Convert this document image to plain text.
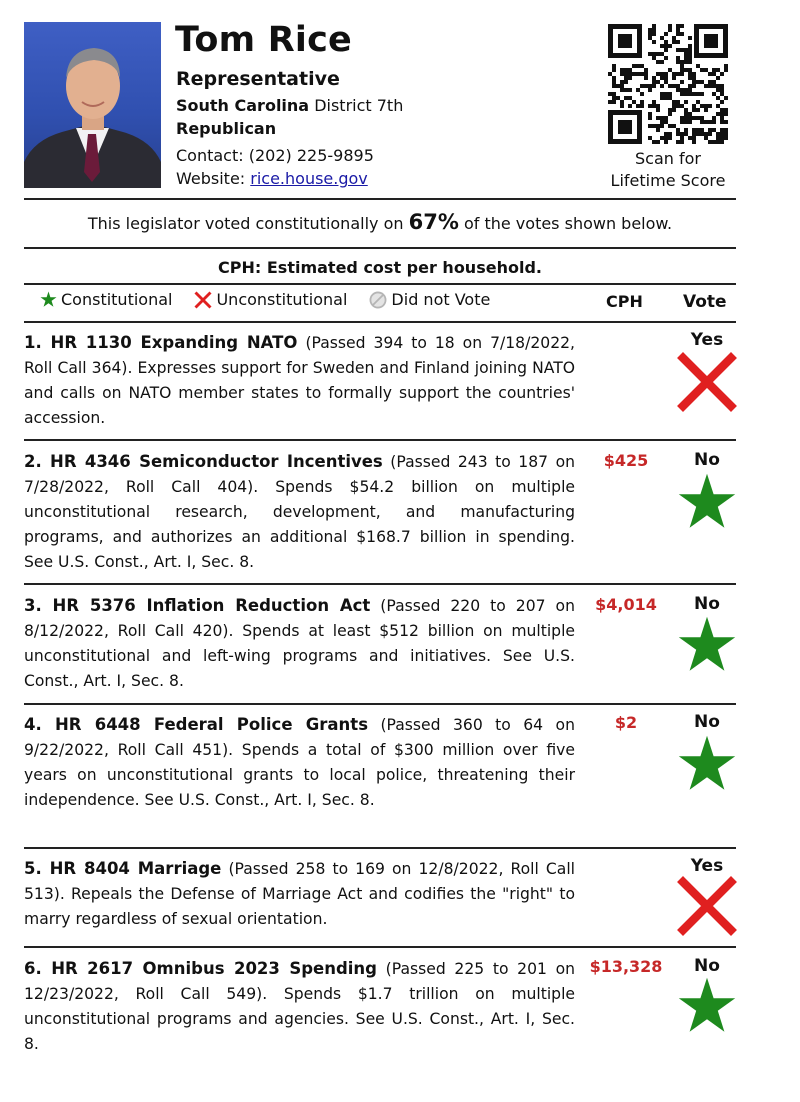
Tom Rice
Representative
South Carolina District 7th
Republican
Contact: (202) 225-9895
Website: rice.house.gov
Scan for
Lifetime Score
This legislator voted constitutionally on 67% of the votes shown below.
CPH: Estimated cost per household.
Constitutional	Unconstitutional	Did not Vote	CPH Vote
1. HR 1130 Expanding NATO (Passed 394 to 18 on 7/18/2022, Roll Call 364). Expresses support for Sweden and Finland joining NATO and calls on NATO member states to formally support the countries' accession.
Yes
2. HR 4346 Semiconductor Incentives (Passed 243 to 187 on 7/28/2022, Roll Call 404). Spends $54.2 billion on multiple unconstitutional research, development, and manufacturing programs, and authorizes an additional $168.7 billion in spending. See U.S. Const., Art. I, Sec. 8.
$425	No
3. HR 5376 Inflation Reduction Act (Passed 220 to 207 on 8/12/2022, Roll Call 420). Spends at least $512 billion on multiple unconstitutional and left-wing programs and initiatives. See U.S. Const., Art. I, Sec. 8.
$4,014	No
4. HR 6448 Federal Police Grants (Passed 360 to 64 on 9/22/2022, Roll Call 451). Spends a total of $300 million over five years on unconstitutional grants to local police, threatening their independence. See U.S. Const., Art. I, Sec. 8.
$2	No
5. HR 8404 Marriage (Passed 258 to 169 on 12/8/2022, Roll Call 513). Repeals the Defense of Marriage Act and codifies the "right" to marry regardless of sexual orientation.
Yes
6. HR 2617 Omnibus 2023 Spending (Passed 225 to 201 on 12/23/2022, Roll Call 549). Spends $1.7 trillion on multiple unconstitutional programs and agencies. See U.S. Const., Art. I, Sec. 8.
$13,328	No
